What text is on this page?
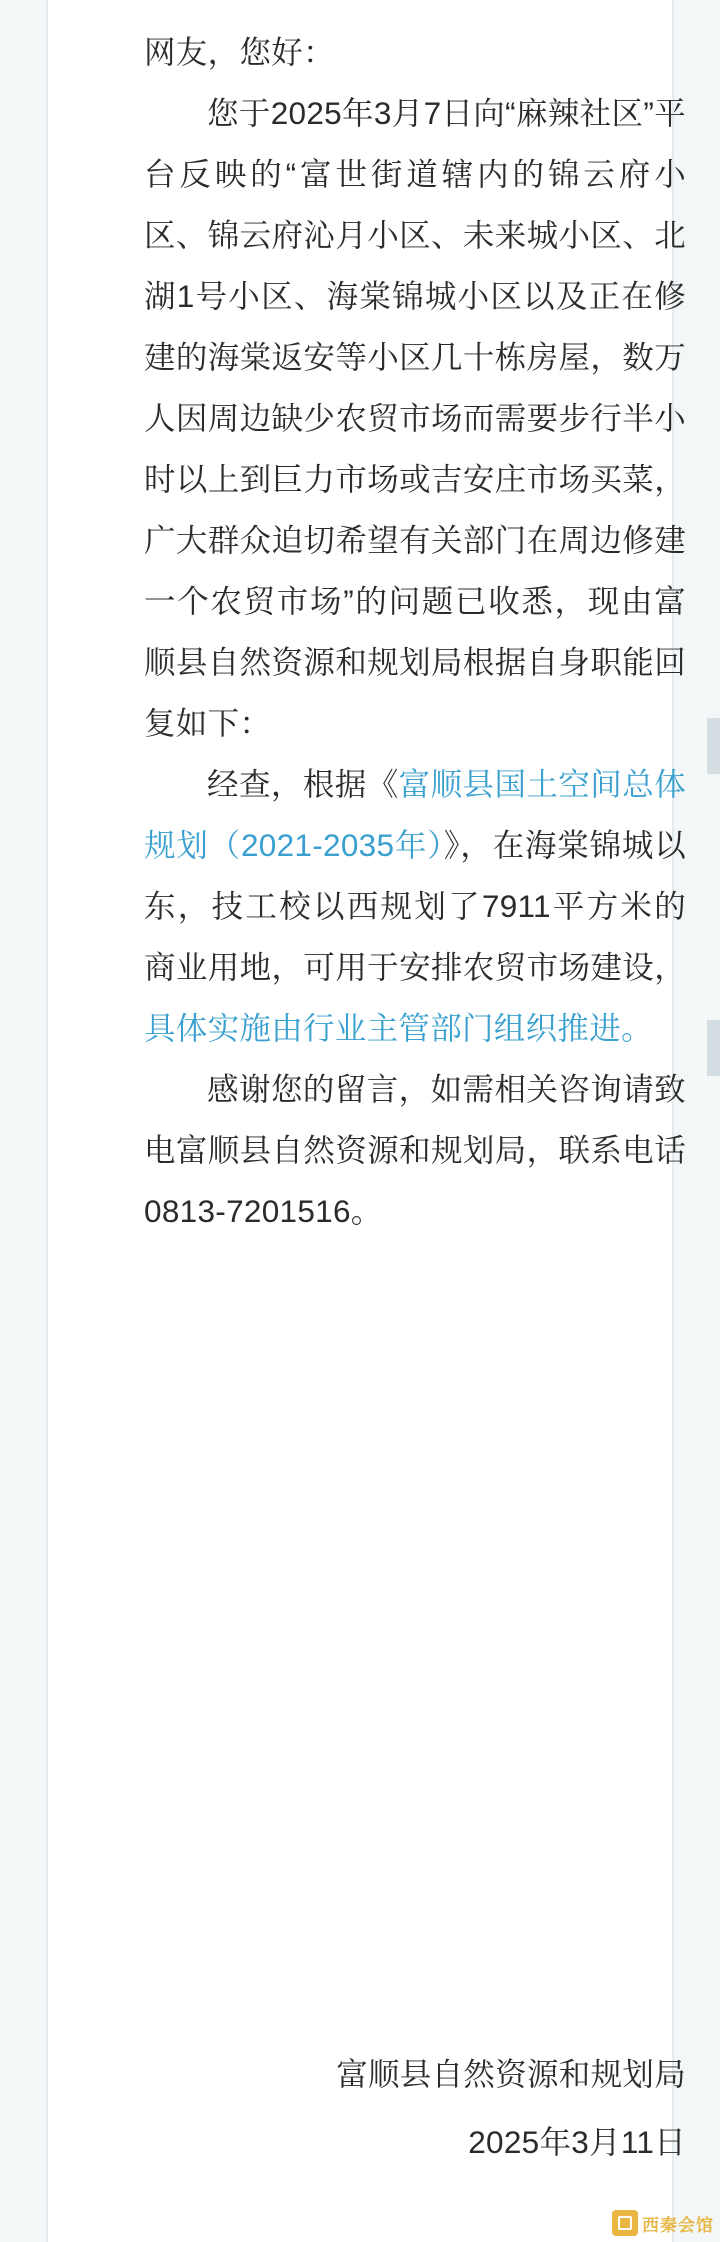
网友，您好：

您于2025年3月7日向“麻辣社区”平台反映的“富世街道辖内的锦云府小区、锦云府沁月小区、未来城小区、北湖1号小区、海棠锦城小区以及正在修建的海棠返安等小区几十栋房屋，数万人因周边缺少农贸市场而需要步行半小时以上到巨力市场或吉安庄市场买菜，广大群众迫切希望有关部门在周边修建一个农贸市场”的问题已收悉，现由富顺县自然资源和规划局根据自身职能回复如下：

经查，根据《富顺县国土空间总体规划（2021-2035年）》，在海棠锦城以东，技工校以西规划了7911平方米的商业用地，可用于安排农贸市场建设，具体实施由行业主管部门组织推进。

感谢您的留言，如需相关咨询请致电富顺县自然资源和规划局，联系电话 0813-7201516。

富顺县自然资源和规划局
2025年3月11日
西秦会馆
